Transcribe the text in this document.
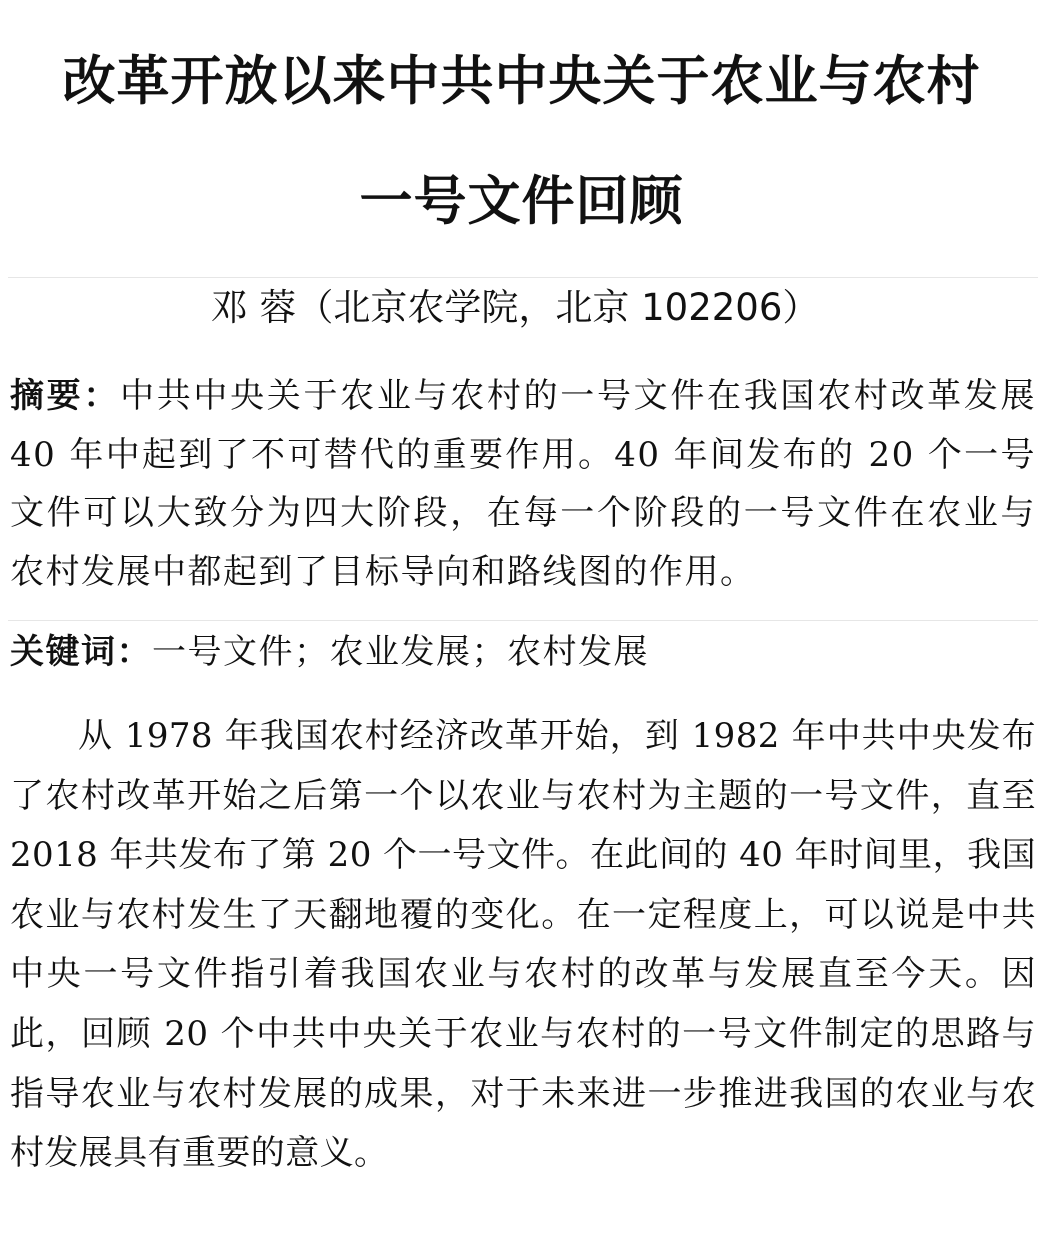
改革开放以来中共中央关于农业与农村
一号文件回顾
邓 蓉（北京农学院，北京 102206）
摘要：中共中央关于农业与农村的一号文件在我国农村改革发展 40 年中起到了不可替代的重要作用。40 年间发布的 20 个一号文件可以大致分为四大阶段，在每一个阶段的一号文件在农业与农村发展中都起到了目标导向和路线图的作用。
关键词：一号文件；农业发展；农村发展
从 1978 年我国农村经济改革开始，到 1982 年中共中央发布了农村改革开始之后第一个以农业与农村为主题的一号文件，直至 2018 年共发布了第 20 个一号文件。在此间的 40 年时间里，我国农业与农村发生了天翻地覆的变化。在一定程度上，可以说是中共中央一号文件指引着我国农业与农村的改革与发展直至今天。因此，回顾 20 个中共中央关于农业与农村的一号文件制定的思路与指导农业与农村发展的成果，对于未来进一步推进我国的农业与农村发展具有重要的意义。
